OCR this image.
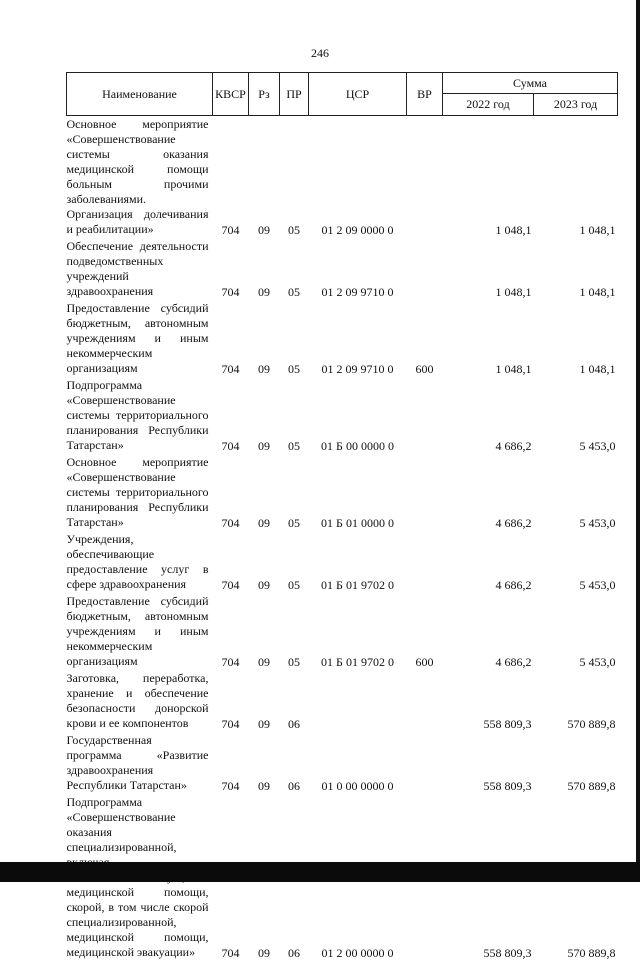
246
Наименование	КВСР	Рз	ПР	ЦСР	ВР	Сумма	
						2022 год	2023 год
Основное мероприятие «Совершенствование системы оказания медицинской помощи больным прочими заболеваниями. Организация долечивания и реабилитации»	704	09	05	01 2 09 0000 0		1 048,1	1 048,1
Обеспечение деятельности подведомственных учреждений здравоохранения	704	09	05	01 2 09 9710 0		1 048,1	1 048,1
Предоставление субсидий бюджетным, автономным учреждениям и иным некоммерческим организациям	704	09	05	01 2 09 9710 0	600	1 048,1	1 048,1
Подпрограмма «Совершенствование системы территориального планирования Республики Татарстан»	704	09	05	01 Б 00 0000 0		4 686,2	5 453,0
Основное мероприятие «Совершенствование системы территориального планирования Республики Татарстан»	704	09	05	01 Б 01 0000 0		4 686,2	5 453,0
Учреждения, обеспечивающие предоставление услуг в сфере здравоохранения	704	09	05	01 Б 01 9702 0		4 686,2	5 453,0
Предоставление субсидий бюджетным, автономным учреждениям и иным некоммерческим организациям	704	09	05	01 Б 01 9702 0	600	4 686,2	5 453,0
Заготовка, переработка, хранение и обеспечение безопасности донорской крови и ее компонентов	704	09	06			558 809,3	570 889,8
Государственная программа «Развитие здравоохранения Республики Татарстан»	704	09	06	01 0 00 0000 0		558 809,3	570 889,8
Подпрограмма «Совершенствование оказания специализированной, медицинской помощи, скорой, в том числе скорой специализированной, медицинской помощи, медицинской эвакуации»	704	09	06	01 2 00 0000 0		558 809,3	570 889,8
